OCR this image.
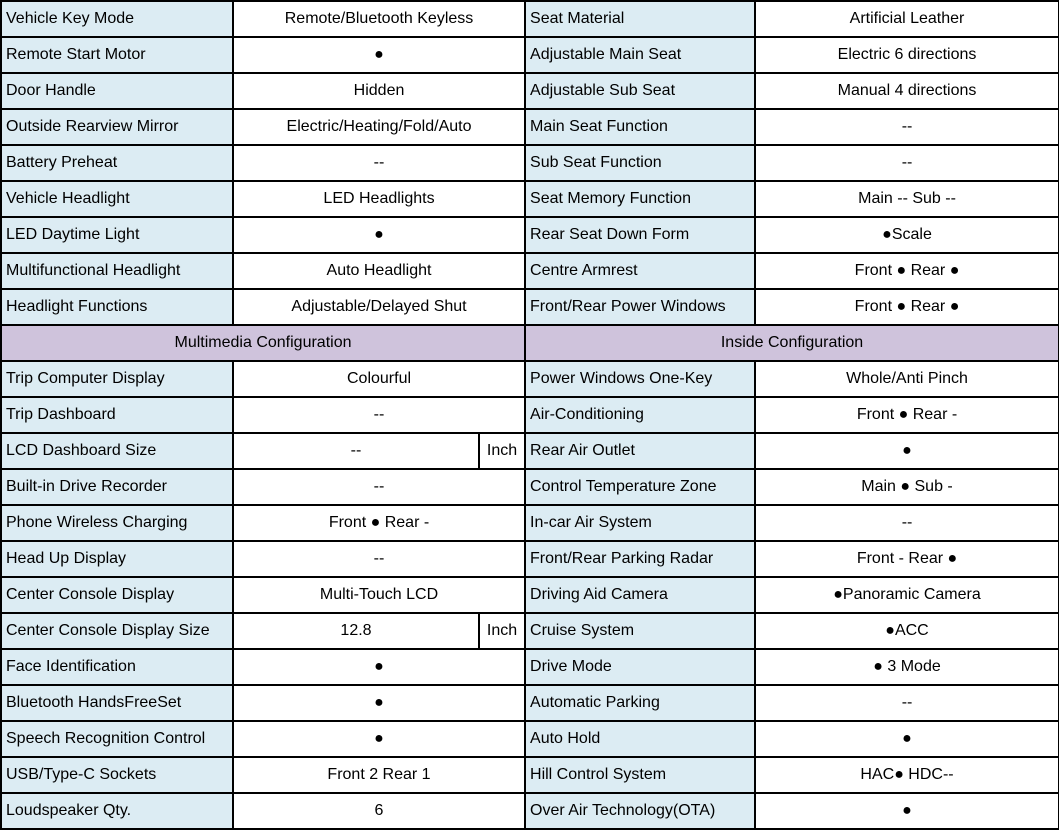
Vehicle Key Mode	Remote/Bluetooth Keyless		Seat Material	Artificial Leather
Remote Start Motor	●		Adjustable Main Seat	Electric 6 directions
Door Handle	Hidden		Adjustable Sub Seat	Manual 4 directions
Outside Rearview Mirror	Electric/Heating/Fold/Auto		Main Seat Function	--
Battery Preheat	--		Sub Seat Function	--
Vehicle Headlight	LED Headlights		Seat Memory Function	Main -- Sub --
LED Daytime Light	●		Rear Seat Down Form	●Scale
Multifunctional Headlight	Auto Headlight		Centre Armrest	Front ● Rear ●
Headlight Functions	Adjustable/Delayed Shut		Front/Rear Power Windows	Front ● Rear ●
Multimedia Configuration			Inside Configuration	
Trip Computer Display	Colourful		Power Windows One-Key	Whole/Anti Pinch
Trip Dashboard	--		Air-Conditioning	Front ● Rear -
LCD Dashboard Size	--	Inch	Rear Air Outlet	●
Built-in Drive Recorder	--		Control Temperature Zone	Main ● Sub -
Phone Wireless Charging	Front ● Rear -		In-car Air System	--
Head Up Display	--		Front/Rear Parking Radar	Front - Rear ●
Center Console Display	Multi-Touch LCD		Driving Aid Camera	●Panoramic Camera
Center Console Display Size	12.8	Inch	Cruise System	●ACC
Face Identification	●		Drive Mode	● 3 Mode
Bluetooth HandsFreeSet	●		Automatic Parking	--
Speech Recognition Control	●		Auto Hold	●
USB/Type-C Sockets	Front 2 Rear 1		Hill Control System	HAC● HDC--
Loudspeaker Qty.	6		Over Air Technology(OTA)	●
